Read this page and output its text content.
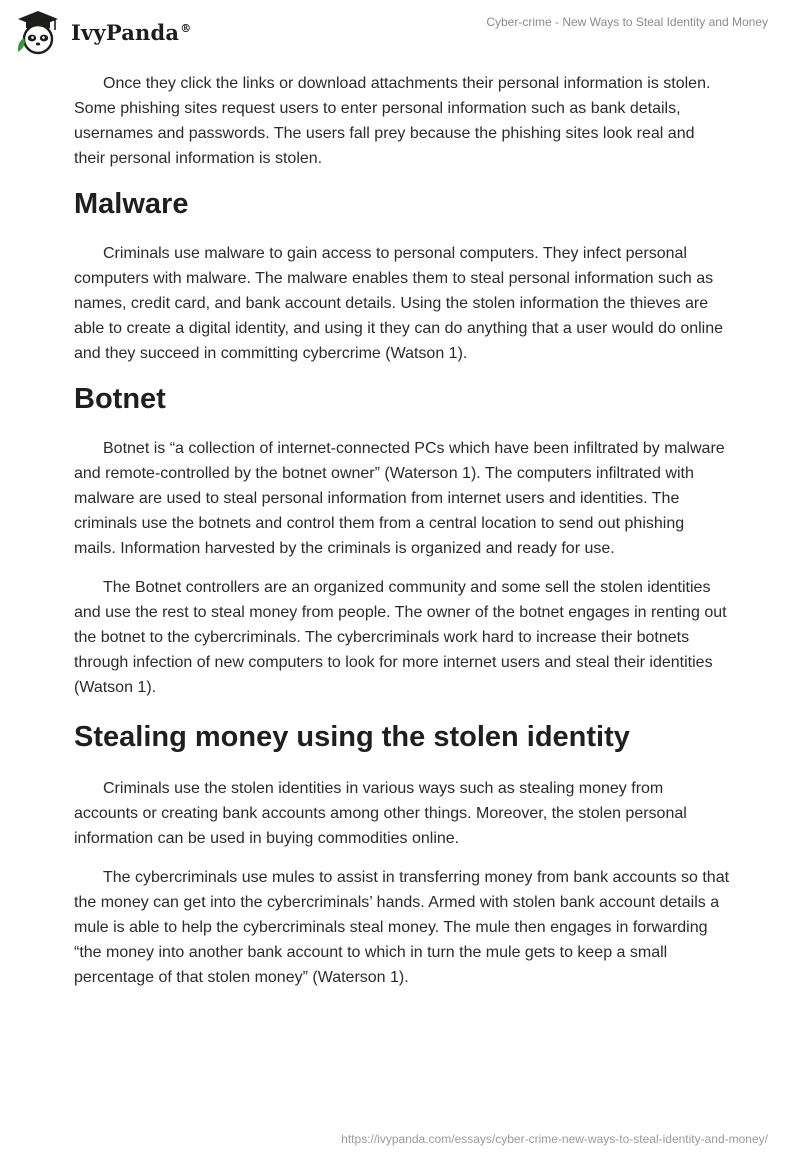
IvyPanda®	Cyber-crime - New Ways to Steal Identity and Money

Once they click the links or download attachments their personal information is stolen. Some phishing sites request users to enter personal information such as bank details, usernames and passwords. The users fall prey because the phishing sites look real and their personal information is stolen.

Malware

Criminals use malware to gain access to personal computers. They infect personal computers with malware. The malware enables them to steal personal information such as names, credit card, and bank account details. Using the stolen information the thieves are able to create a digital identity, and using it they can do anything that a user would do online and they succeed in committing cybercrime (Watson 1).

Botnet

Botnet is “a collection of internet-connected PCs which have been infiltrated by malware and remote-controlled by the botnet owner” (Waterson 1). The computers infiltrated with malware are used to steal personal information from internet users and identities. The criminals use the botnets and control them from a central location to send out phishing mails. Information harvested by the criminals is organized and ready for use.

The Botnet controllers are an organized community and some sell the stolen identities and use the rest to steal money from people. The owner of the botnet engages in renting out the botnet to the cybercriminals. The cybercriminals work hard to increase their botnets through infection of new computers to look for more internet users and steal their identities (Watson 1).

Stealing money using the stolen identity

Criminals use the stolen identities in various ways such as stealing money from accounts or creating bank accounts among other things. Moreover, the stolen personal information can be used in buying commodities online.

The cybercriminals use mules to assist in transferring money from bank accounts so that the money can get into the cybercriminals’ hands. Armed with stolen bank account details a mule is able to help the cybercriminals steal money. The mule then engages in forwarding “the money into another bank account to which in turn the mule gets to keep a small percentage of that stolen money” (Waterson 1).

https://ivypanda.com/essays/cyber-crime-new-ways-to-steal-identity-and-money/
